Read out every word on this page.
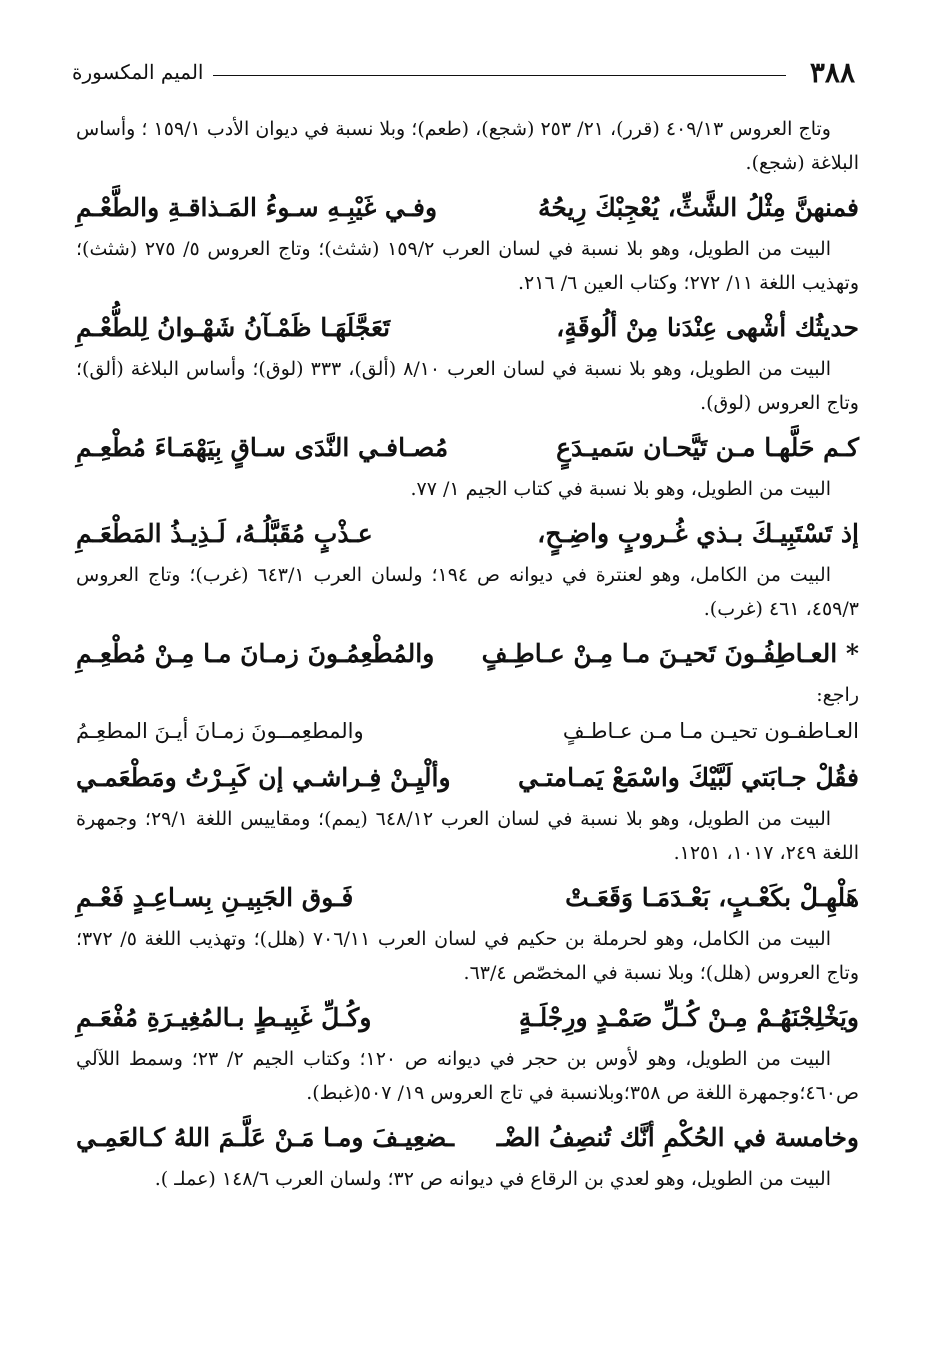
٣٨٨
الميم المكسورة

وتاج العروس ٤٠٩/١٣ (قرر)، ٢١/ ٢٥٣ (شجع)، (طعم)؛ وبلا نسبة في ديوان الأدب ١٥٩/١ ؛ وأساس البلاغة (شجع).

فمنهنَّ مِثْلُ الشَّثِّ، يُعْجِبْكَ رِيحُهُ
وفـي غَيْبِـهِ سـوءُ المَـذاقـةِ والطَّعْـمِ

البيت من الطويل، وهو بلا نسبة في لسان العرب ١٥٩/٢ (شثث)؛ وتاج العروس ٥/ ٢٧٥ (شثث)؛ وتهذيب اللغة ١١/ ٢٧٢؛ وكتاب العين ٦/ ٢١٦.

حديثُك أشْهى عِنْدَنا مِنْ ألُوقَةٍ،
تَعَجَّلَهَـا ظَمْـآنُ شَهْـوانُ لِلطُّعْـمِ

البيت من الطويل، وهو بلا نسبة في لسان العرب ٨/١٠ (ألق)، ٣٣٣ (لوق)؛ وأساس البلاغة (ألق)؛ وتاج العروس (لوق).

كـم حَلَّهـا مـن تَيَّحـان سَميـدَعٍ
مُصـافـي النَّدَى سـاقٍ بِيَهْمَـاءَ مُطْعِـمِ

البيت من الطويل، وهو بلا نسبة في كتاب الجيم ١/ ٧٧.

إذ تَسْتَبِيـكَ بـذي غُـروبٍ واضِـحٍ،
عـذْبٍ مُقَبَّلُـهُ، لَـذِيـذُ المَطْعَـمِ

البيت من الكامل، وهو لعنترة في ديوانه ص ١٩٤؛ ولسان العرب ٦٤٣/١ (غرب)؛ وتاج العروس ٤٥٩/٣، ٤٦١ (غرب).

* العـاطِفُـونَ تَحيـنَ مـا مِـنْ عـاطِـفٍ
والمُطْعِمُـونَ زمـانَ مـا مِـنْ مُطْعِـمِ

راجع:

العـاطفـون تحيـن مـا مـن عـاطـفٍ
والمطعِمــونَ زمـانَ أيـنَ المطعِـمُ
فقُلْ جـابَتي لَبَّيْكَ واسْمَعْ يَمـامتـي
وألْيِـنْ فِـراشـي إن كَبِـرْتُ ومَطْعَمـي

البيت من الطويل، وهو بلا نسبة في لسان العرب ٦٤٨/١٢ (يمم)؛ ومقاييس اللغة ٢٩/١؛ وجمهرة اللغة ٢٤٩، ١٠١٧، ١٢٥١.

هَلْهِـلْ بكَعْـبٍ، بَعْـدَمَـا وَقَعَـتْ
فَـوق الجَبِيـنِ بِسـاعِـدٍ فَعْـمِ

البيت من الكامل، وهو لحرملة بن حكيم في لسان العرب ٧٠٦/١١ (هلل)؛ وتهذيب اللغة ٥/ ٣٧٢؛ وتاج العروس (هلل)؛ وبلا نسبة في المخصّص ٦٣/٤.

ويَخْلِجْنَهُـمْ مِـنْ كُـلِّ صَمْـدٍ ورِجْلَـةٍ
وكُـلِّ غَبِيـطٍ بـالمُغِيـرَةِ مُفْعَـمِ

البيت من الطويل، وهو لأوس بن حجر في ديوانه ص ١٢٠؛ وكتاب الجيم ٢/ ٢٣؛ وسمط اللآلي ص٤٦٠؛وجمهرة اللغة ص ٣٥٨؛وبلانسبة في تاج العروس ١٩/ ٥٠٧(غبط).

وخامسة في الحُكْمِ أنَّك تُنصِفُ الضْـ
ـضعِيـفَ ومـا مَـنْ عَلَّـمَ اللهُ كـالعَمِـي

البيت من الطويل، وهو لعدي بن الرقاع في ديوانه ص ٣٢؛ ولسان العرب ١٤٨/٦ (عملـ ).
